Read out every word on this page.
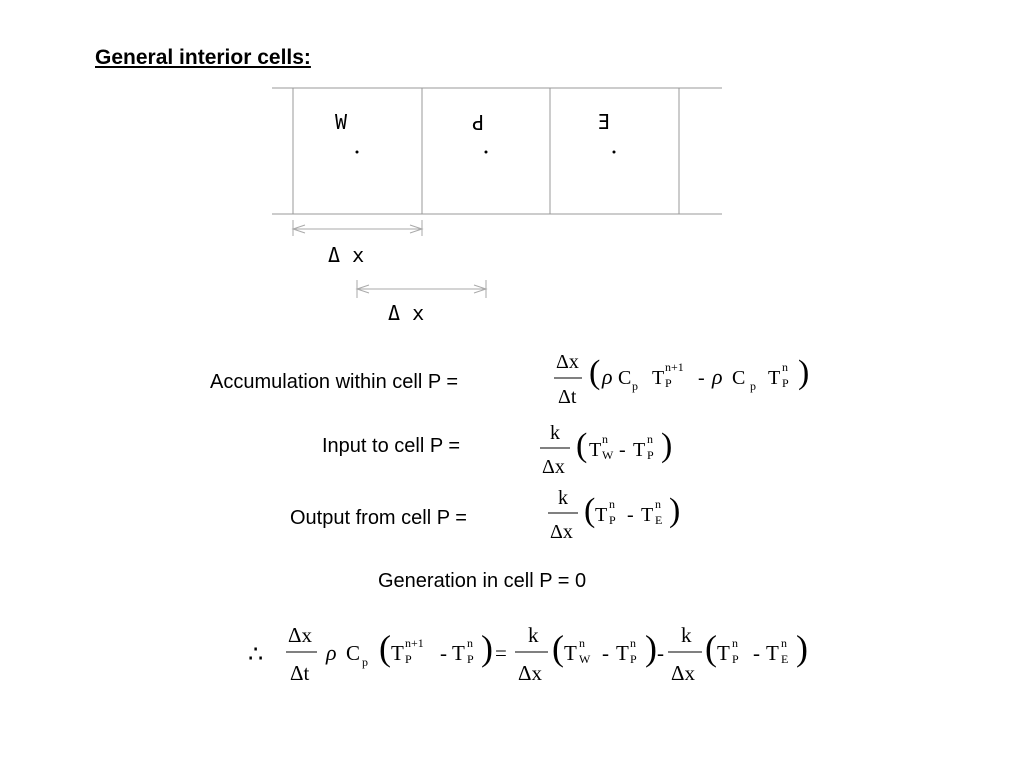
General interior cells:
W	P	E
Δ x
Δ x
Accumulation within cell P =
Δx
Δt
( ρ C p T n+1
P - ρ C p T n
P )
Input to cell P =
k
Δx
( T n
W - T n
P )
Output from cell P =
k
Δx
( T n
P - T n
E )
Generation in cell P = 0
∴
Δx
Δt
ρ C p ( T n+1
P - T n
P ) =
k
Δx
( T n
W - T n
P ) -
k
Δx
( T n
P - T n
E )
